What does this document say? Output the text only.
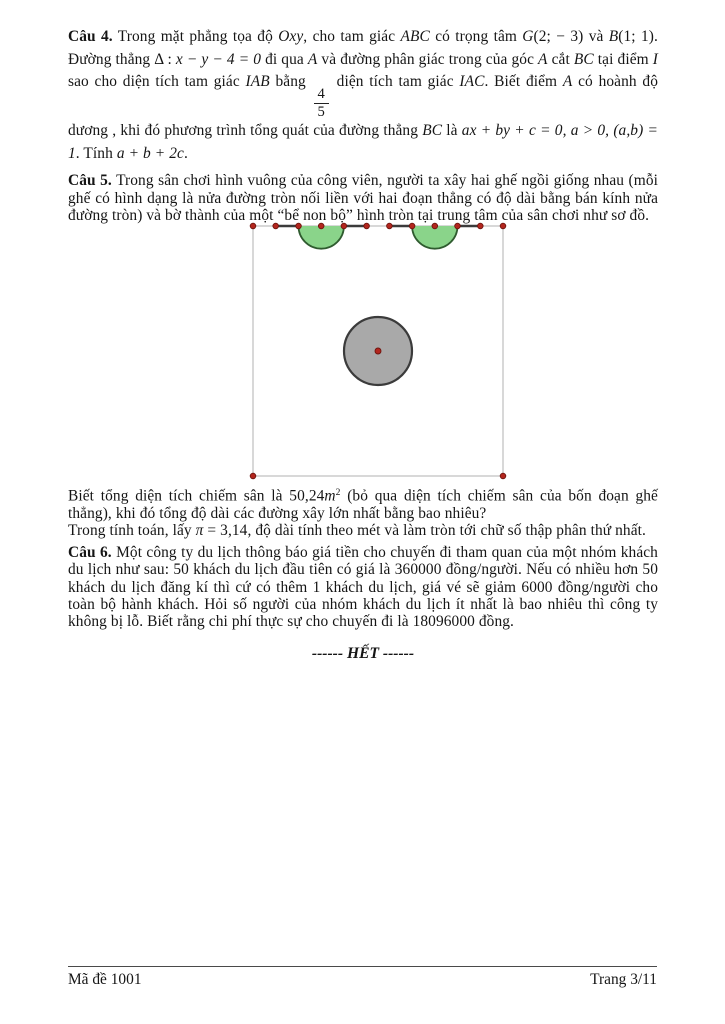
Câu 4. Trong mặt phẳng tọa độ Oxy, cho tam giác ABC có trọng tâm G(2; − 3) và B(1; 1). Đường thẳng Δ : x − y − 4 = 0 đi qua A và đường phân giác trong của góc A cắt BC tại điểm I sao cho diện tích tam giác IAB bằng
$\frac{4}{5}$
diện tích tam giác IAC. Biết điểm A có hoành độ dương , khi đó phương trình tổng quát của đường thẳng BC là ax + by + c = 0, a > 0, (a,b) = 1. Tính a + b + 2c.

Câu 5. Trong sân chơi hình vuông của công viên, người ta xây hai ghế ngồi giống nhau (mỗi ghế có hình dạng là nửa đường tròn nối liền với hai đoạn thẳng có độ dài bằng bán kính nửa đường tròn) và bờ thành của một “bể non bộ” hình tròn tại trung tâm của sân chơi như sơ đồ.

Biết tổng diện tích chiếm sân là $50,24m^2$ (bỏ qua diện tích chiếm sân của bốn đoạn ghế thẳng), khi đó tổng độ dài các đường xây lớn nhất bằng bao nhiêu?

Trong tính toán, lấy π = 3,14, độ dài tính theo mét và làm tròn tới chữ số thập phân thứ nhất.

Câu 6. Một công ty du lịch thông báo giá tiền cho chuyến đi tham quan của một nhóm khách du lịch như sau: 50 khách du lịch đầu tiên có giá là 360000 đồng/người. Nếu có nhiều hơn 50 khách du lịch đăng kí thì cứ có thêm 1 khách du lịch, giá vé sẽ giảm 6000 đồng/người cho toàn bộ hành khách. Hỏi số người của nhóm khách du lịch ít nhất là bao nhiêu thì công ty không bị lỗ. Biết rằng chi phí thực sự cho chuyến đi là 18096000 đồng.

------ HẾT ------

Mã đề 1001	Trang 3/11
